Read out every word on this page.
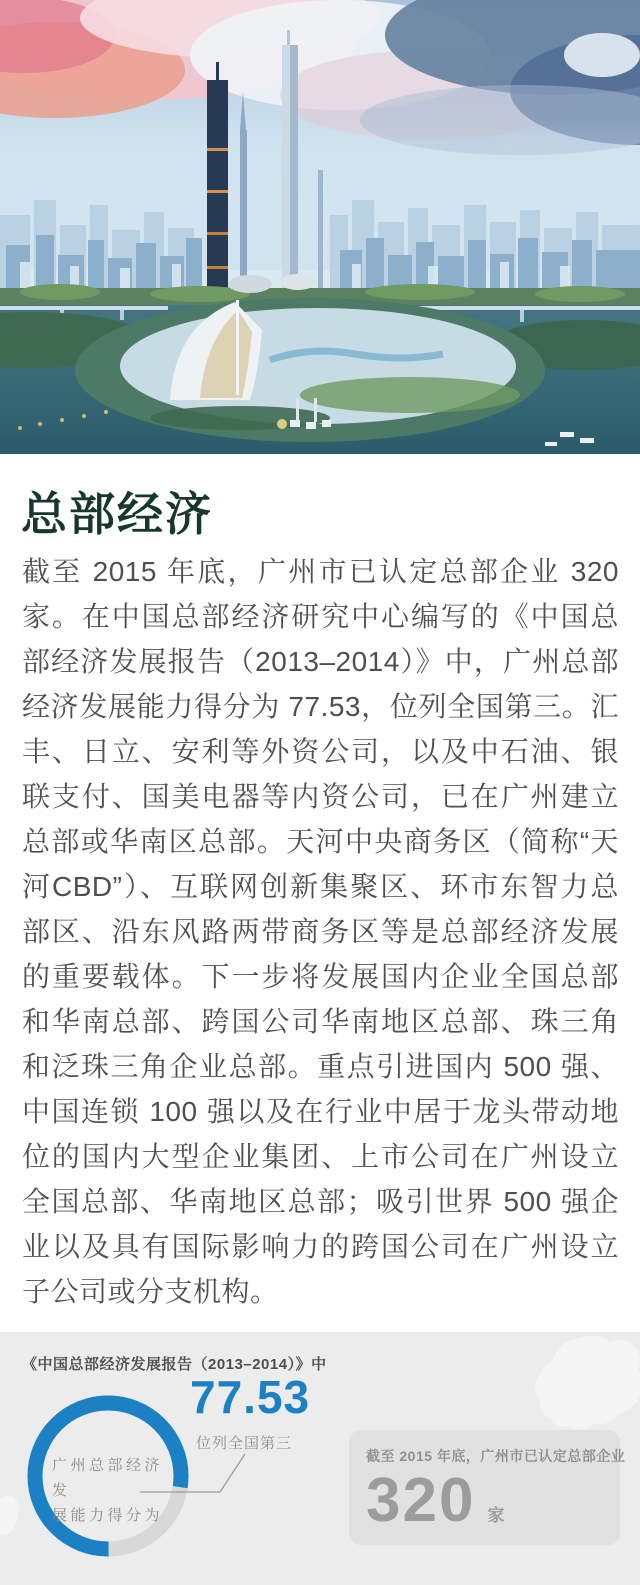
总部经济
截至 2015 年底，广州市已认定总部企业 320 家。在中国总部经济研究中心编写的《中国总部经济发展报告（2013–2014）》中，广州总部经济发展能力得分为 77.53，位列全国第三。汇丰、日立、安利等外资公司，以及中石油、银联支付、国美电器等内资公司，已在广州建立总部或华南区总部。天河中央商务区（简称“天河CBD”）、互联网创新集聚区、环市东智力总部区、沿东风路两带商务区等是总部经济发展的重要载体。下一步将发展国内企业全国总部和华南总部、跨国公司华南地区总部、珠三角和泛珠三角企业总部。重点引进国内 500 强、中国连锁 100 强以及在行业中居于龙头带动地位的国内大型企业集团、上市公司在广州设立全国总部、华南地区总部；吸引世界 500 强企业以及具有国际影响力的跨国公司在广州设立子公司或分支机构。
《中国总部经济发展报告（2013–2014）》中
广州总部经济发
展能力得分为
77.53
位列全国第三
截至 2015 年底，广州市已认定总部企业
320 家
